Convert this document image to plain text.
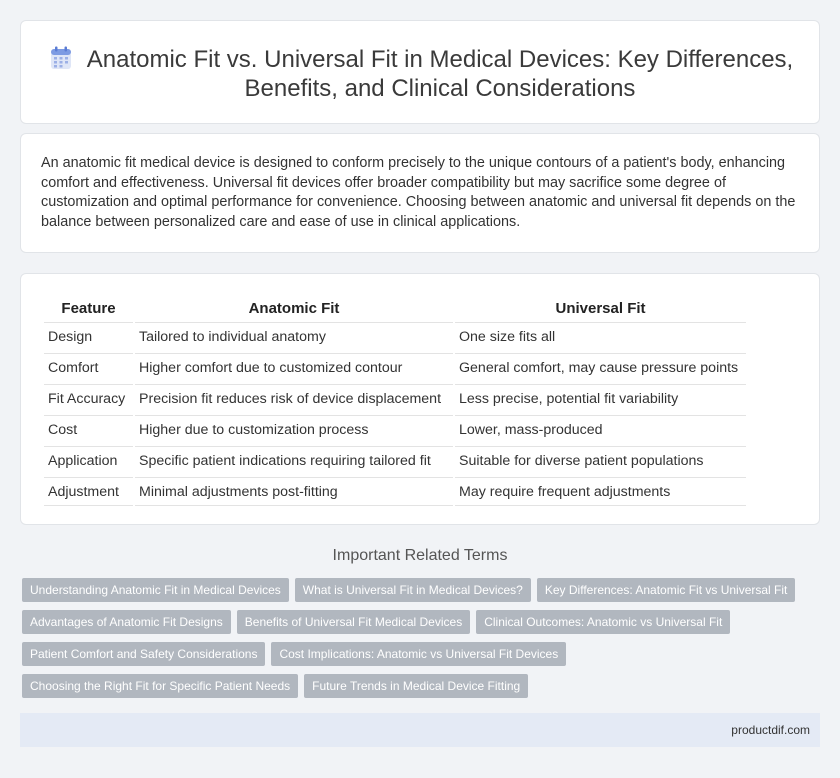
Anatomic Fit vs. Universal Fit in Medical Devices: Key Differences, Benefits, and Clinical Considerations

An anatomic fit medical device is designed to conform precisely to the unique contours of a patient's body, enhancing comfort and effectiveness. Universal fit devices offer broader compatibility but may sacrifice some degree of customization and optimal performance for convenience. Choosing between anatomic and universal fit depends on the balance between personalized care and ease of use in clinical applications.

Feature	Anatomic Fit	Universal Fit
Design	Tailored to individual anatomy	One size fits all
Comfort	Higher comfort due to customized contour	General comfort, may cause pressure points
Fit Accuracy	Precision fit reduces risk of device displacement	Less precise, potential fit variability
Cost	Higher due to customization process	Lower, mass-produced
Application	Specific patient indications requiring tailored fit	Suitable for diverse patient populations
Adjustment	Minimal adjustments post-fitting	May require frequent adjustments
Important Related Terms
Understanding Anatomic Fit in Medical Devices	What is Universal Fit in Medical Devices?	Key Differences: Anatomic Fit vs Universal Fit
Advantages of Anatomic Fit Designs	Benefits of Universal Fit Medical Devices	Clinical Outcomes: Anatomic vs Universal Fit
Patient Comfort and Safety Considerations	Cost Implications: Anatomic vs Universal Fit Devices
Choosing the Right Fit for Specific Patient Needs	Future Trends in Medical Device Fitting
productdif.com
